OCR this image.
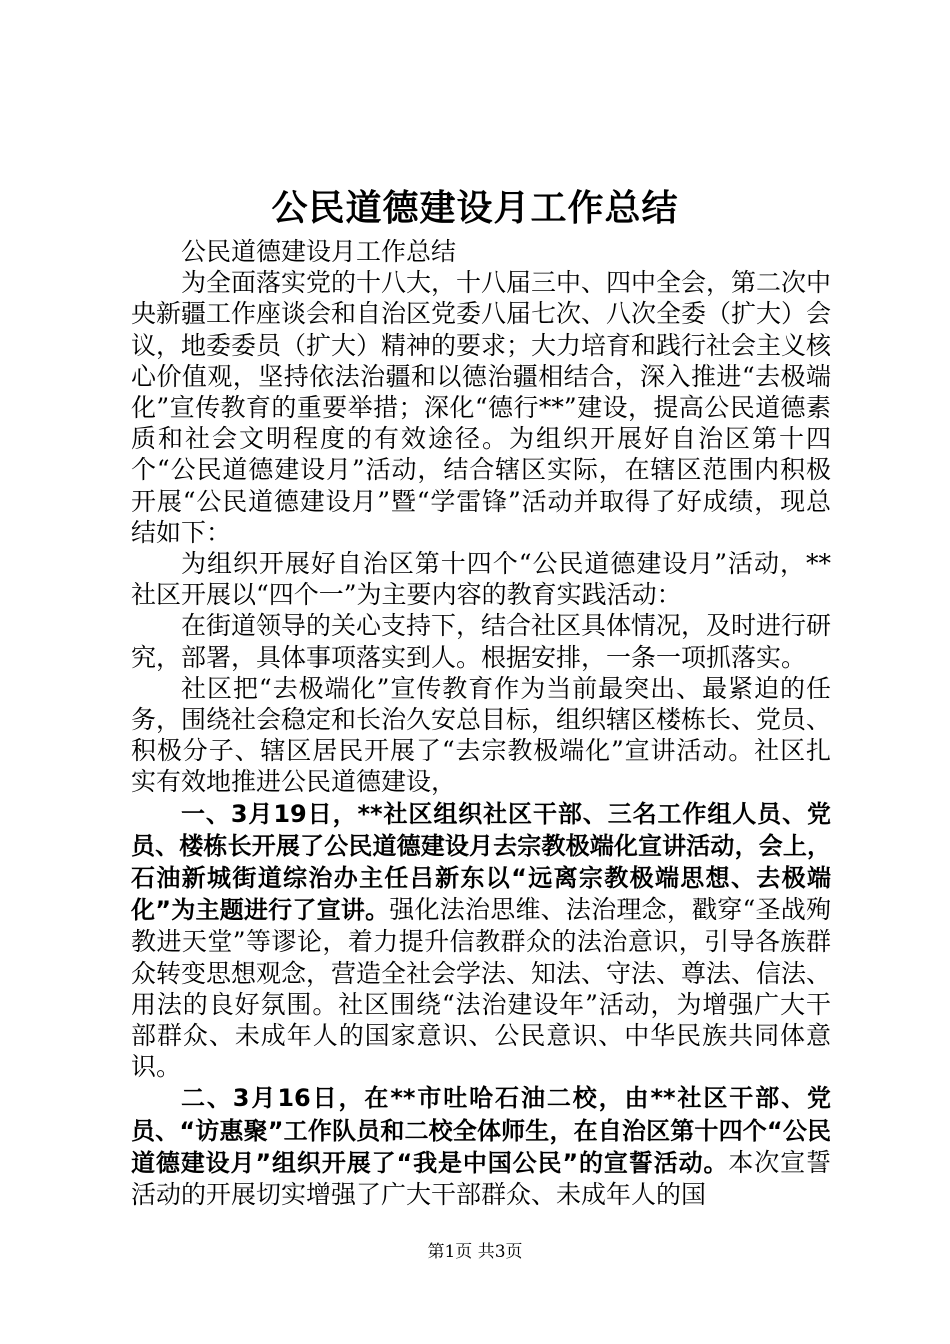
公民道德建设月工作总结

公民道德建设月工作总结

为全面落实党的十八大，十八届三中、四中全会，第二次中央新疆工作座谈会和自治区党委八届七次、八次全委（扩大）会议，地委委员（扩大）精神的要求；大力培育和践行社会主义核心价值观，坚持依法治疆和以德治疆相结合，深入推进“去极端化”宣传教育的重要举措；深化“德行**”建设，提高公民道德素质和社会文明程度的有效途径。为组织开展好自治区第十四个“公民道德建设月”活动，结合辖区实际，在辖区范围内积极开展“公民道德建设月”暨“学雷锋”活动并取得了好成绩，现总结如下：

为组织开展好自治区第十四个“公民道德建设月”活动，**社区开展以“四个一”为主要内容的教育实践活动：

在街道领导的关心支持下，结合社区具体情况，及时进行研究，部署，具体事项落实到人。根据安排，一条一项抓落实。

社区把“去极端化”宣传教育作为当前最突出、最紧迫的任务，围绕社会稳定和长治久安总目标，组织辖区楼栋长、党员、积极分子、辖区居民开展了“去宗教极端化”宣讲活动。社区扎实有效地推进公民道德建设，

一、3月19日，**社区组织社区干部、三名工作组人员、党员、楼栋长开展了公民道德建设月去宗教极端化宣讲活动，会上，石油新城街道综治办主任吕新东以“远离宗教极端思想、去极端化”为主题进行了宣讲。强化法治思维、法治理念，戳穿“圣战殉教进天堂”等谬论，着力提升信教群众的法治意识，引导各族群众转变思想观念，营造全社会学法、知法、守法、尊法、信法、用法的良好氛围。社区围绕“法治建设年”活动，为增强广大干部群众、未成年人的国家意识、公民意识、中华民族共同体意识。

二、3月16日，在**市吐哈石油二校，由**社区干部、党员、“访惠聚”工作队员和二校全体师生，在自治区第十四个“公民道德建设月”组织开展了“我是中国公民”的宣誓活动。本次宣誓活动的开展切实增强了广大干部群众、未成年人的国

第1页 共3页
